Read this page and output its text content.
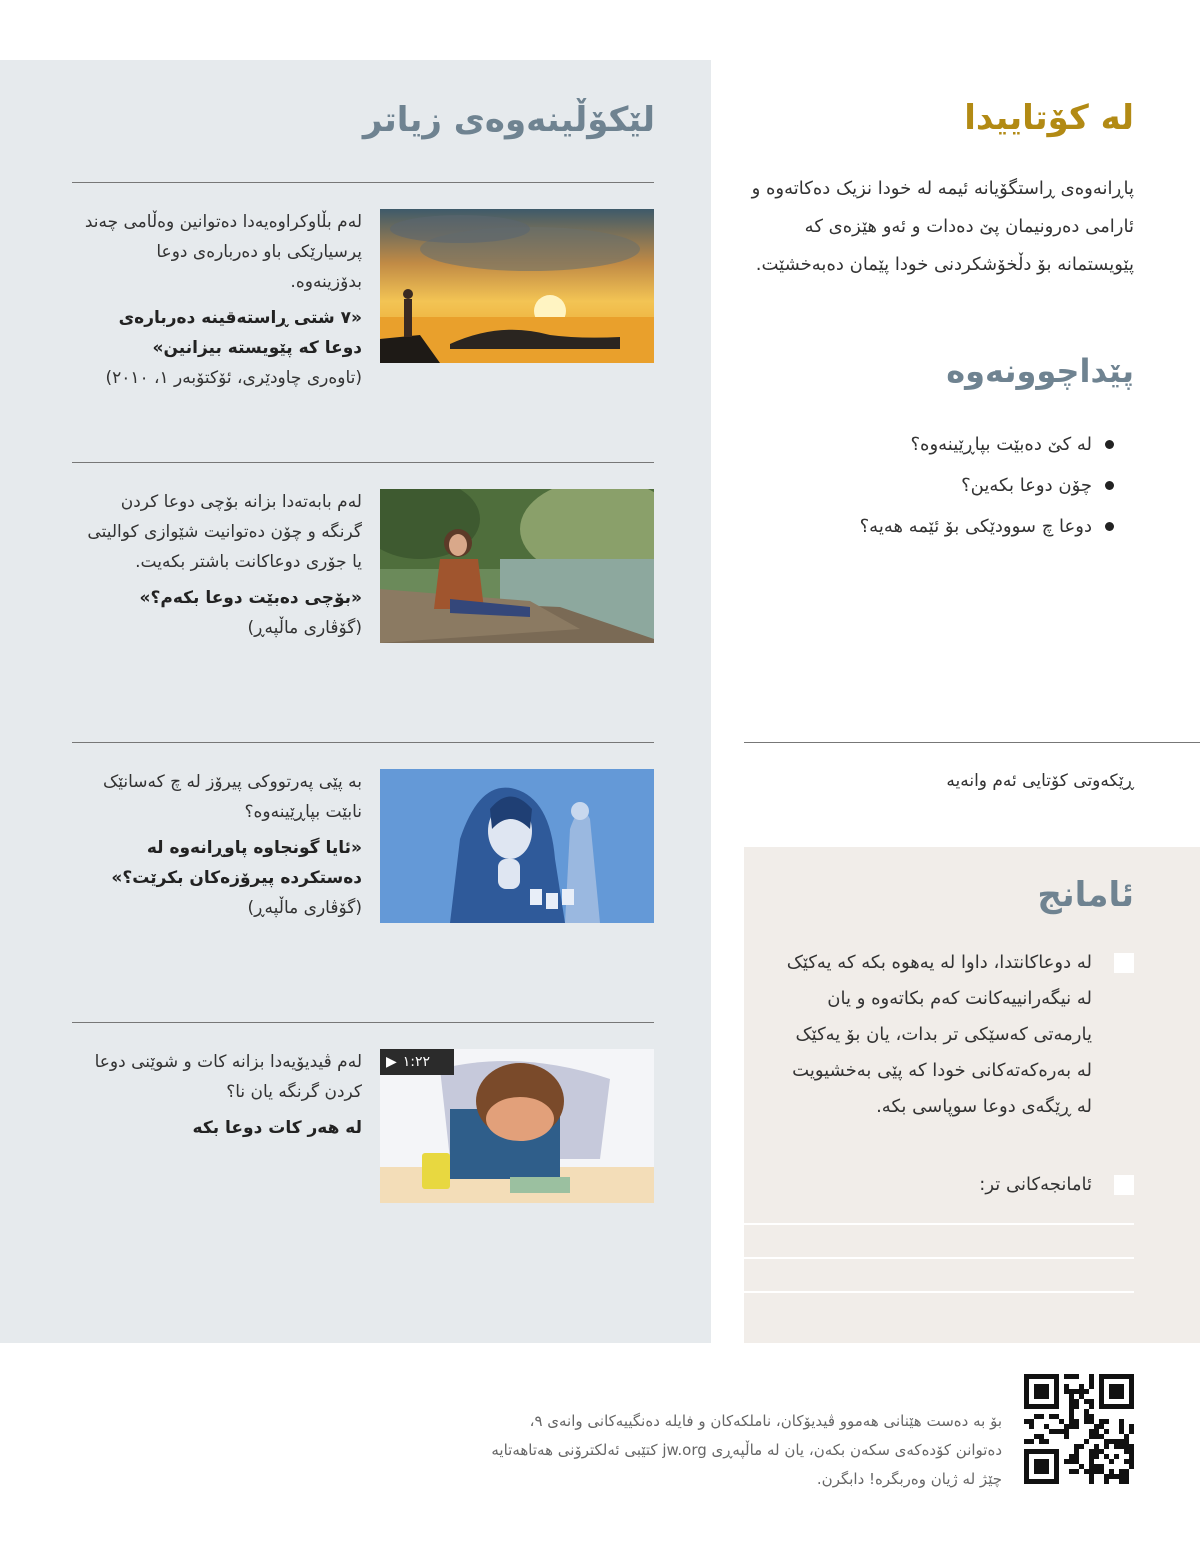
لێکۆڵینەوەی زیاتر
لەم بڵاوکراوەیەدا دەتوانین وەڵامی چەند پرسیارێکی باو دەربارەی دوعا بدۆزینەوە.
«٧ شتی ڕاستەقینە دەربارەی دوعا کە پێویستە بیزانین»
(تاوەری چاودێری، ئۆکتۆبەر ١، ٢٠١٠)
لەم بابەتەدا بزانە بۆچی دوعا کردن گرنگە و چۆن دەتوانیت شێوازی کوالیتی یا جۆری دوعاکانت باشتر بکەیت.
«بۆچی دەبێت دوعا بکەم؟»
(گۆڤاری ماڵپەڕ)
بە پێی پەرتووکی پیرۆز لە چ کەسانێک نابێت بپاڕێینەوە؟
«ئایا گونجاوە پاوڕانەوە لە دەستکردە پیرۆزەکان بکرێت؟»
(گۆڤاری ماڵپەڕ)
▶ ١:٢٢
لەم ڤیدیۆیەدا بزانە کات و شوێنی دوعا کردن گرنگە یان نا؟
لە هەر کات دوعا بکە
لە کۆتاییدا
پاڕانەوەی ڕاستگۆیانە ئیمە لە خودا نزیک دەکاتەوە و ئارامی دەرونیمان پێ دەدات و ئەو هێزەی کە پێویستمانە بۆ دڵخۆشکردنی خودا پێمان دەبەخشێت.
پێداچوونەوە
لە کێ دەبێت بپاڕێینەوە؟
چۆن دوعا بکەین؟
دوعا چ سوودێکی بۆ ئێمە هەیە؟
ڕێکەوتی کۆتایی ئەم وانەیە
ئامانج
لە دوعاکانتدا، داوا لە یەهوە بکە کە یەکێک لە نیگەرانییەکانت کەم بکاتەوە و یان یارمەتی کەسێکی تر بدات، یان بۆ یەکێک لە بەرەکەتەکانی خودا کە پێی بەخشیویت لە ڕێگەی دوعا سوپاسی بکە.
ئامانجەکانی تر:
بۆ بە دەست هێنانی هەموو ڤیدیۆکان، ناملکەکان و فایلە دەنگییەکانی وانەی ٩، دەتوانن کۆدەکەی سکەن بکەن، یان لە ماڵپەڕی jw.org کتێبی ئەلکترۆنی هەتاهەتایە چێژ لە ژیان وەربگرە! دابگرن.
